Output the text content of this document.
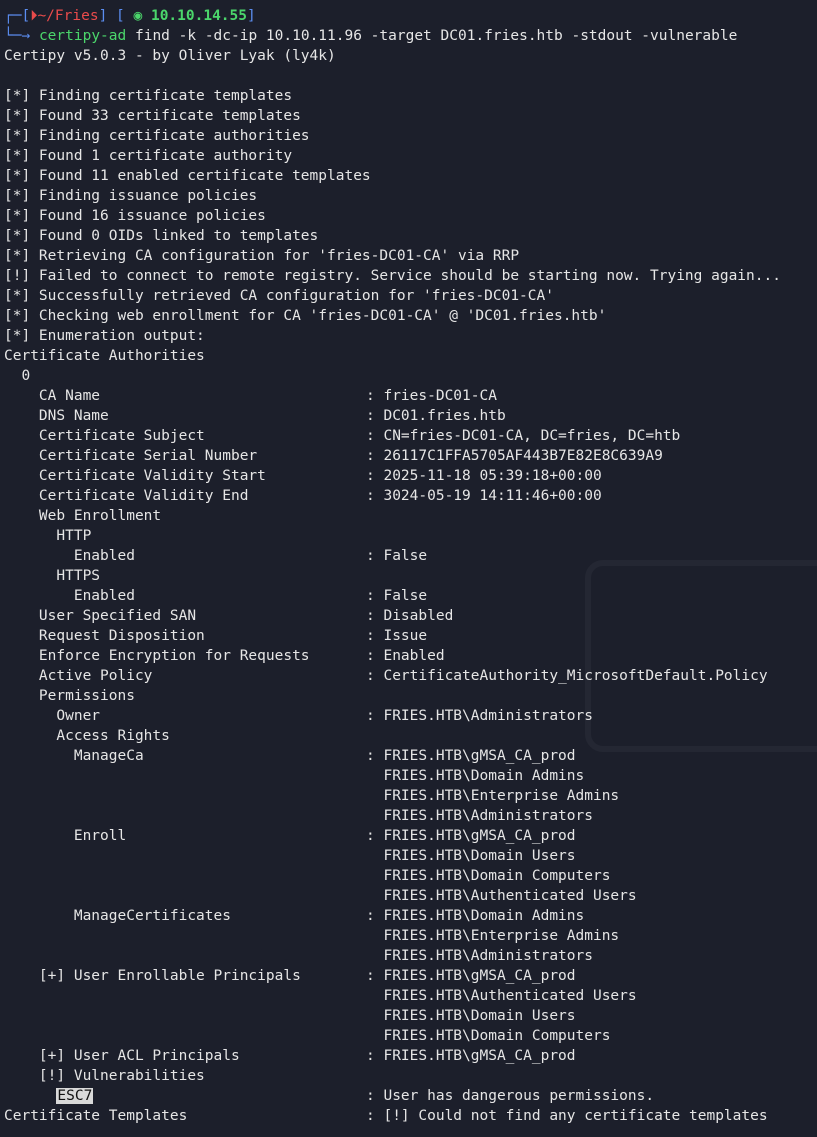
┌─[⏵~/Fries] [ ◉ 10.10.14.55]
└─→ certipy-ad find -k -dc-ip 10.10.11.96 -target DC01.fries.htb -stdout -vulnerable
Certipy v5.0.3 - by Oliver Lyak (ly4k)

[*] Finding certificate templates
[*] Found 33 certificate templates
[*] Finding certificate authorities
[*] Found 1 certificate authority
[*] Found 11 enabled certificate templates
[*] Finding issuance policies
[*] Found 16 issuance policies
[*] Found 0 OIDs linked to templates
[*] Retrieving CA configuration for 'fries-DC01-CA' via RRP
[!] Failed to connect to remote registry. Service should be starting now. Trying again...
[*] Successfully retrieved CA configuration for 'fries-DC01-CA'
[*] Checking web enrollment for CA 'fries-DC01-CA' @ 'DC01.fries.htb'
[*] Enumeration output:
Certificate Authorities
0
CA Name	: fries-DC01-CA
DNS Name	: DC01.fries.htb
Certificate Subject	: CN=fries-DC01-CA, DC=fries, DC=htb
Certificate Serial Number	: 26117C1FFA5705AF443B7E82E8C639A9
Certificate Validity Start	: 2025-11-18 05:39:18+00:00
Certificate Validity End	: 3024-05-19 14:11:46+00:00
Web Enrollment
HTTP
Enabled	: False
HTTPS
Enabled	: False
User Specified SAN	: Disabled
Request Disposition	: Issue
Enforce Encryption for Requests	: Enabled
Active Policy	: CertificateAuthority_MicrosoftDefault.Policy
Permissions
Owner	: FRIES.HTB\Administrators
Access Rights
ManageCa	: FRIES.HTB\gMSA_CA_prod
FRIES.HTB\Domain Admins
FRIES.HTB\Enterprise Admins
FRIES.HTB\Administrators
Enroll	: FRIES.HTB\gMSA_CA_prod
FRIES.HTB\Domain Users
FRIES.HTB\Domain Computers
FRIES.HTB\Authenticated Users
ManageCertificates	: FRIES.HTB\Domain Admins
FRIES.HTB\Enterprise Admins
FRIES.HTB\Administrators
[+] User Enrollable Principals	: FRIES.HTB\gMSA_CA_prod
FRIES.HTB\Authenticated Users
FRIES.HTB\Domain Users
FRIES.HTB\Domain Computers
[+] User ACL Principals	: FRIES.HTB\gMSA_CA_prod
[!] Vulnerabilities
ESC7	: User has dangerous permissions.
Certificate Templates	: [!] Could not find any certificate templates
